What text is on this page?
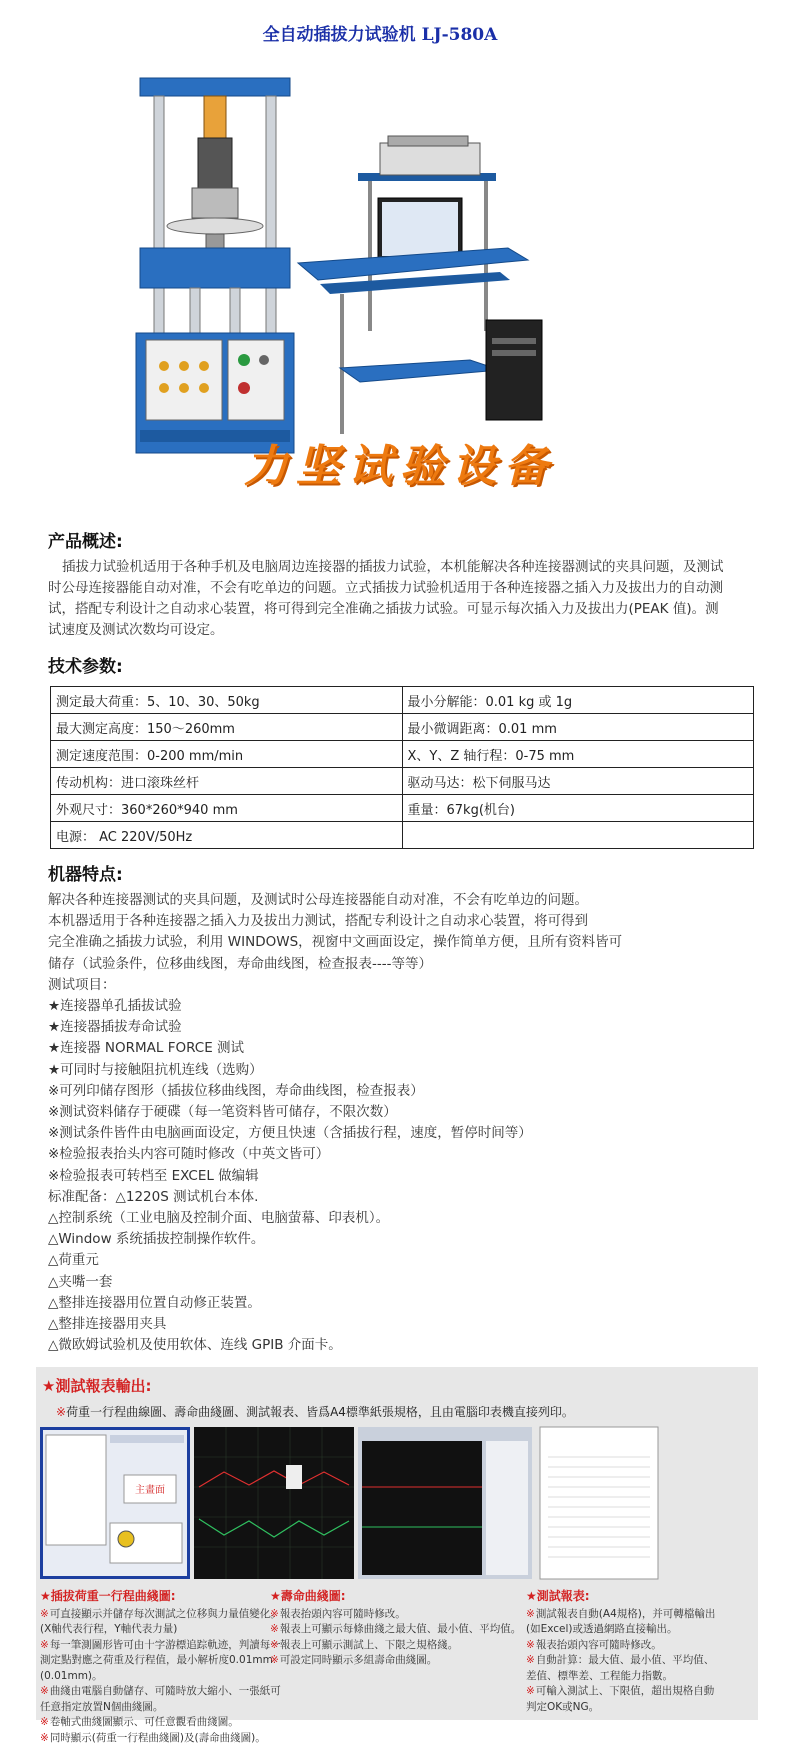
全自动插拔力试验机 LJ-580A
力坚试验设备
产品概述:
插拔力试验机适用于各种手机及电脑周边连接器的插拔力试验，本机能解决各种连接器测试的夹具问题，及测试
时公母连接器能自动对准，不会有吃单边的问题。立式插拔力试验机适用于各种连接器之插入力及拔出力的自动测
试，搭配专利设计之自动求心装置，将可得到完全准确之插拔力试验。可显示每次插入力及拔出力(PEAK 值)。测
试速度及测试次数均可设定。
技术参数:
测定最大荷重：5、10、30、50kg	最小分解能：0.01 kg 或 1g
最大测定高度：150～260mm	最小微调距离：0.01 mm
测定速度范围：0-200 mm/min	X、Y、Z 轴行程：0-75 mm
传动机构：进口滚珠丝杆	驱动马达：松下伺服马达
外观尺寸：360*260*940 mm	重量：67kg(机台)
电源： AC 220V/50Hz	
机器特点:
解决各种连接器测试的夹具问题，及测试时公母连接器能自动对准，不会有吃单边的问题。
本机器适用于各种连接器之插入力及拔出力测试，搭配专利设计之自动求心装置，将可得到
完全准确之插拔力试验，利用 WINDOWS，视窗中文画面设定，操作简单方便，且所有资料皆可
储存（试验条件，位移曲线图，寿命曲线图，检查报表----等等）
测试项目：
★连接器单孔插拔试验
★连接器插拔寿命试验
★连接器 NORMAL FORCE 测试
★可同时与接触阻抗机连线（选购）
※可列印储存图形（插拔位移曲线图，寿命曲线图，检查报表）
※测试资料储存于硬碟（每一笔资料皆可储存，不限次数）
※测试条件皆件由电脑画面设定，方便且快速（含插拔行程，速度，暂停时间等）
※检验报表抬头内容可随时修改（中英文皆可）
※检验报表可转档至 EXCEL 做编辑
标准配备：△1220S 测试机台本体.
△控制系统（工业电脑及控制介面、电脑萤幕、印表机）。
△Window 系统插拔控制操作软件。
△荷重元
△夹嘴一套
△整排连接器用位置自动修正装置。
△整排连接器用夹具
△微欧姆试验机及使用软体、连线 GPIB 介面卡。
★測試報表輸出:
※荷重一行程曲線圖、壽命曲綫圖、測試報表、皆爲A4標準紙張規格，且由電腦印表機直接列印。
主畫面
★插拔荷重一行程曲綫圖:
※ 可直接顯示并儲存每次測試之位移與力量值變化。
(X軸代表行程，Y軸代表力量)
※ 每一筆測圖形皆可由十字游標追踪軌迹，判讀每一
測定點對應之荷重及行程值，最小解析度0.01mm
(0.01mm)。
※ 曲綫由電腦自動儲存、可隨時放大縮小、一張紙可
任意指定放置N個曲綫圖。
※ 卷軸式曲綫圖顯示、可任意觀看曲綫圖。
※ 同時顯示(荷重一行程曲綫圖)及(壽命曲綫圖)。
★壽命曲綫圖:
※ 報表抬頭內容可隨時修改。
※ 報表上可顯示每條曲綫之最大值、最小值、平均值。
※ 報表上可顯示測試上、下限之規格綫。
※ 可設定同時顯示多組壽命曲綫圖。
★測試報表:
※ 測試報表自動(A4規格)，并可轉檔輸出
(如Excel)或透過網路直接輸出。
※ 報表抬頭內容可隨時修改。
※ 自動計算：最大值、最小值、平均值、
差值、標準差、工程能力指數。
※ 可輸入測試上、下限值，超出規格自動
判定OK或NG。
